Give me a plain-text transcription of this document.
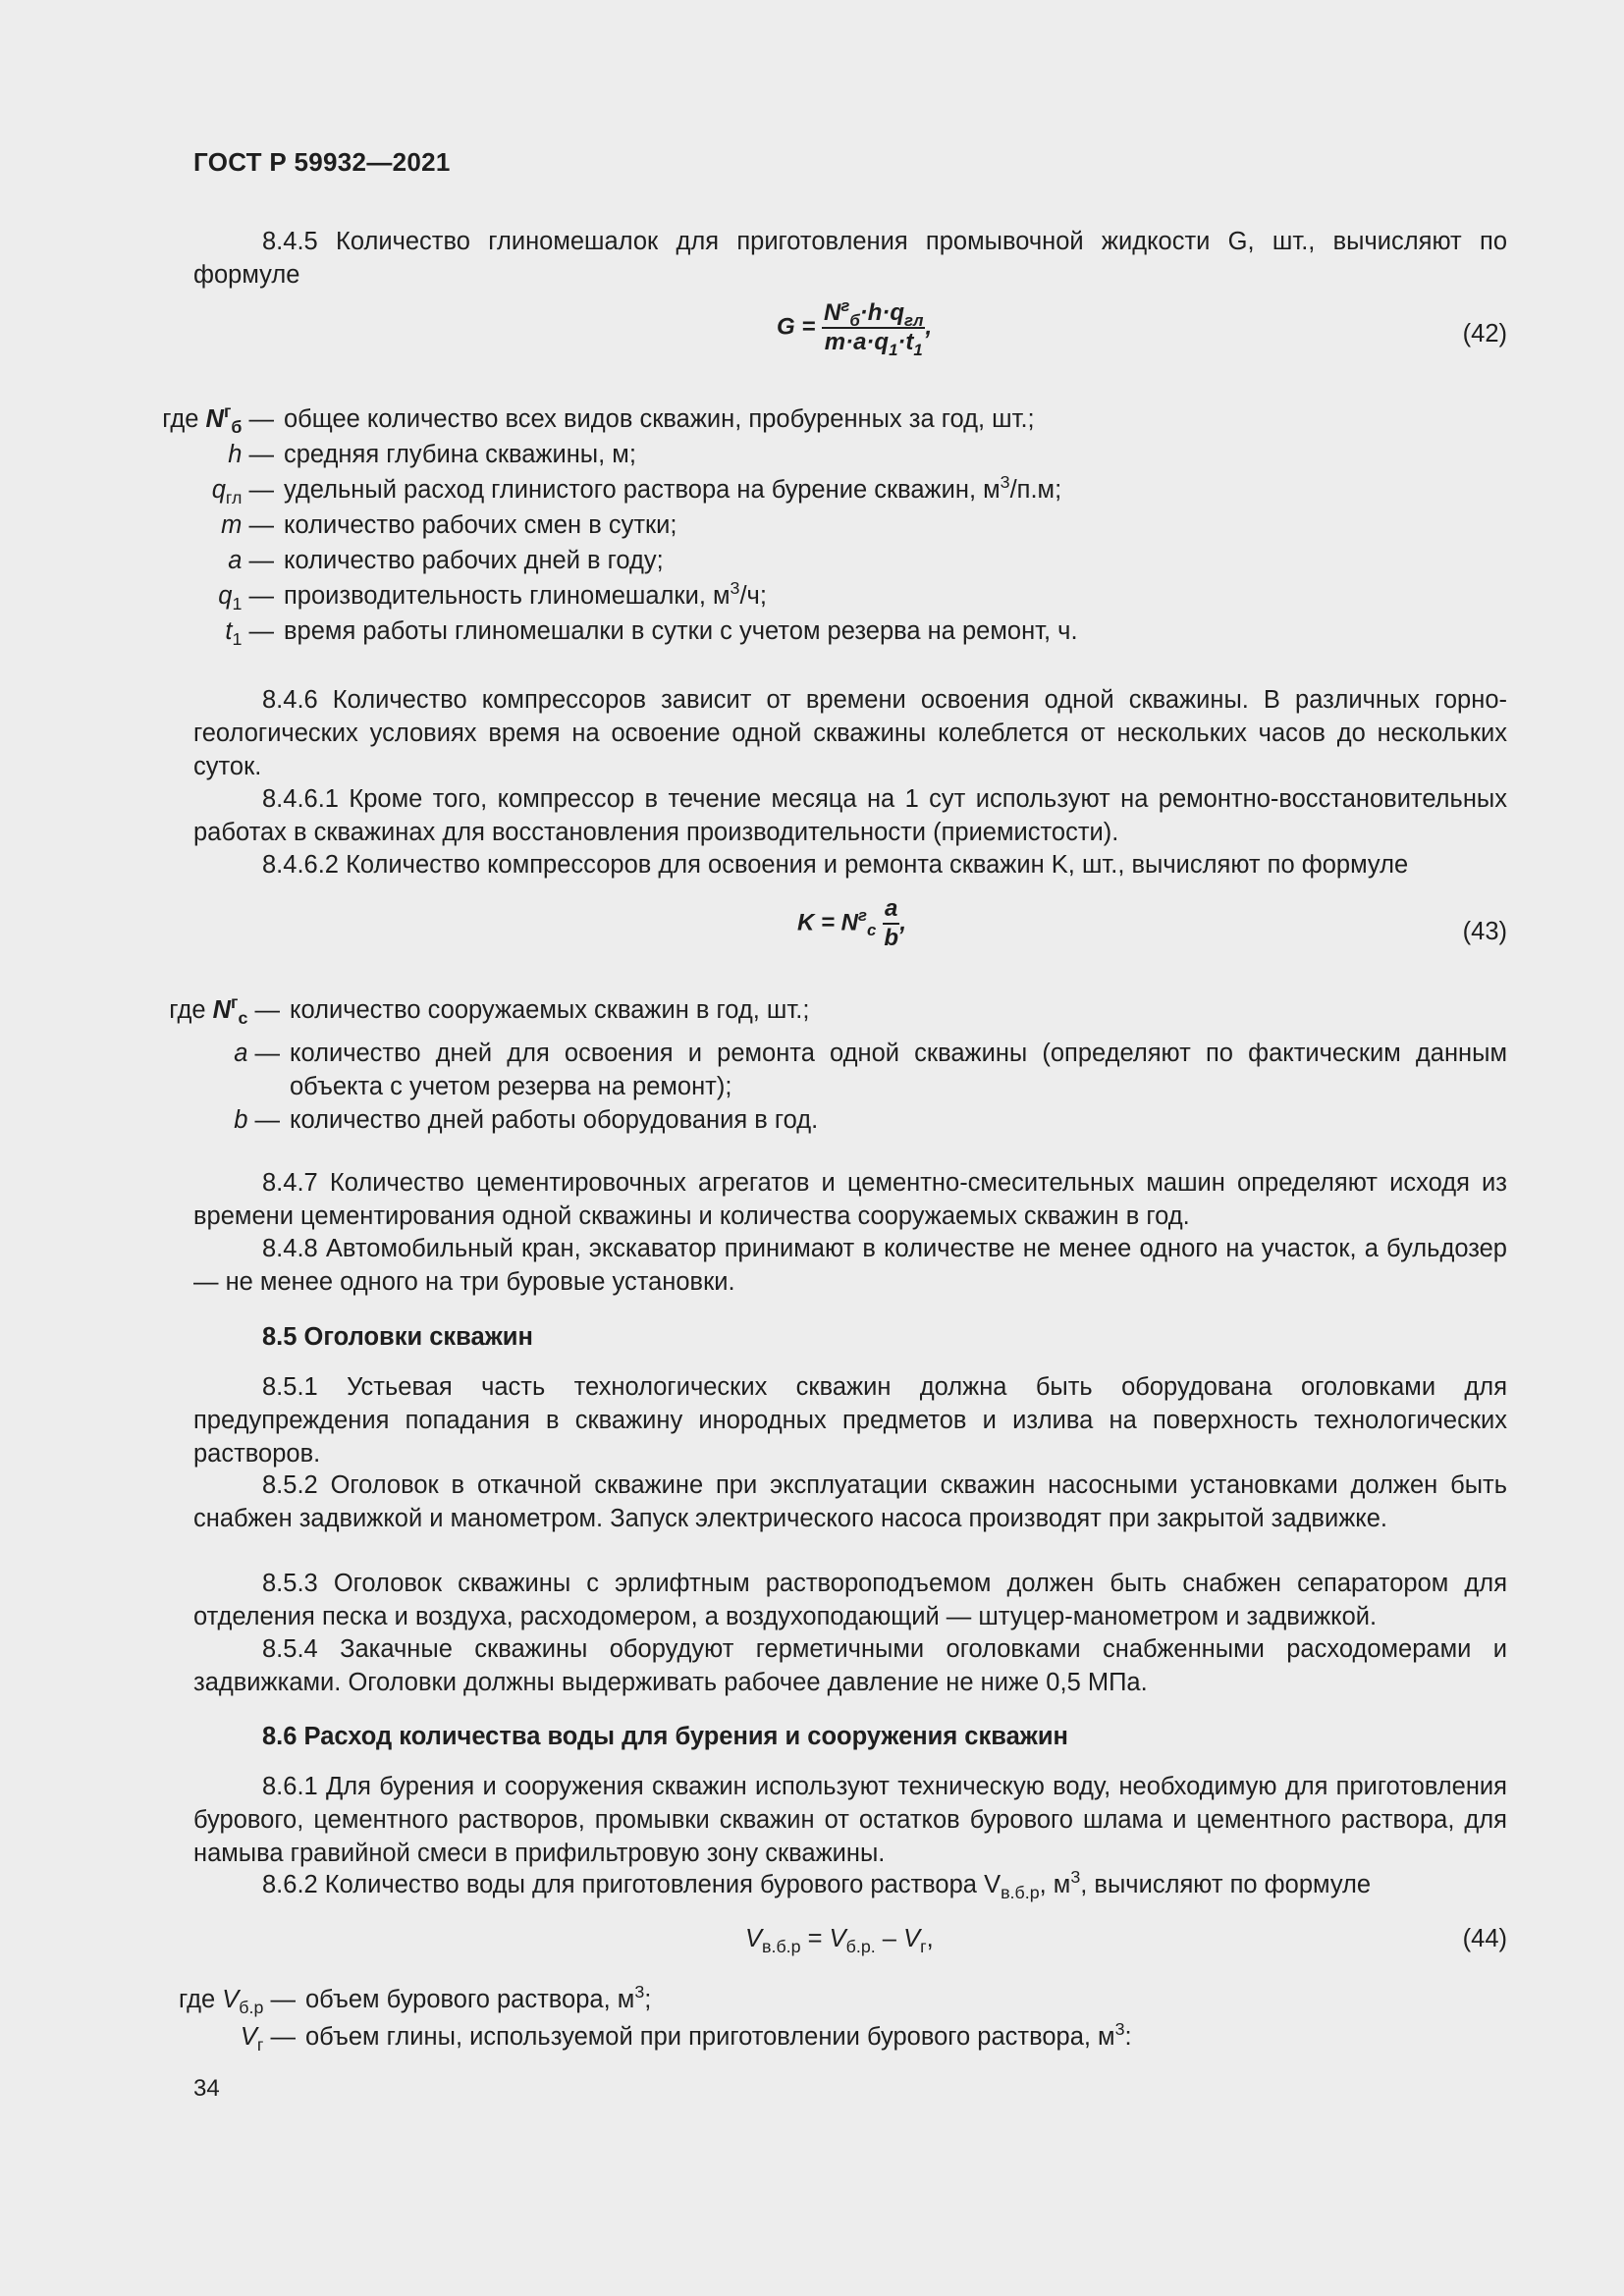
ГОСТ Р 59932—2021

8.4.5 Количество глиномешалок для приготовления промывочной жидкости G, шт., вычисляют по формуле

$G = \frac{N^г_б\cdot h\cdot q_{гл}}{m\cdot a\cdot q_1\cdot t_1}$ ,	(42)
где $N^г_б$ — общее количество всех видов скважин, пробуренных за год, шт.;
h — средняя глубина скважины, м;
$q_{гл}$ — удельный расход глинистого раствора на бурение скважин, $м^3/п.м$;
m — количество рабочих смен в сутки;
a — количество рабочих дней в году;
$q_1$ — производительность глиномешалки, $м^3/ч$;
$t_1$ — время работы глиномешалки в сутки с учетом резерва на ремонт, ч.

8.4.6 Количество компрессоров зависит от времени освоения одной скважины. В различных горно-геологических условиях время на освоение одной скважины колеблется от нескольких часов до нескольких суток.

8.4.6.1 Кроме того, компрессор в течение месяца на 1 сут используют на ремонтно-восстановительных работах в скважинах для восстановления производительности (приемистости).

8.4.6.2 Количество компрессоров для освоения и ремонта скважин K, шт., вычисляют по формуле

$K = N^г_с \frac{a}{b}$ ,	(43)
где $N^г_с$ — количество сооружаемых скважин в год, шт.;
a — количество дней для освоения и ремонта одной скважины (определяют по фактическим данным объекта с учетом резерва на ремонт);
b — количество дней работы оборудования в год.

8.4.7 Количество цементировочных агрегатов и цементно-смесительных машин определяют исходя из времени цементирования одной скважины и количества сооружаемых скважин в год.

8.4.8 Автомобильный кран, экскаватор принимают в количестве не менее одного на участок, а бульдозер — не менее одного на три буровые установки.

8.5 Оголовки скважин

8.5.1 Устьевая часть технологических скважин должна быть оборудована оголовками для предупреждения попадания в скважину инородных предметов и излива на поверхность технологических растворов.

8.5.2 Оголовок в откачной скважине при эксплуатации скважин насосными установками должен быть снабжен задвижкой и манометром. Запуск электрического насоса производят при закрытой задвижке.

8.5.3 Оголовок скважины с эрлифтным раствороподъемом должен быть снабжен сепаратором для отделения песка и воздуха, расходомером, а воздухоподающий — штуцер-манометром и задвижкой.

8.5.4 Закачные скважины оборудуют герметичными оголовками снабженными расходомерами и задвижками. Оголовки должны выдерживать рабочее давление не ниже 0,5 МПа.

8.6 Расход количества воды для бурения и сооружения скважин

8.6.1 Для бурения и сооружения скважин используют техническую воду, необходимую для приготовления бурового, цементного растворов, промывки скважин от остатков бурового шлама и цементного раствора, для намыва гравийной смеси в прифильтровую зону скважины.

8.6.2 Количество воды для приготовления бурового раствора $V_{в.б.р}$, $м^3$, вычисляют по формуле

$V_{в.б.р} = V_{б.р.} - V_г$,	(44)
где $V_{б.р}$ — объем бурового раствора, $м^3$;
$V_г$ — объем глины, используемой при приготовлении бурового раствора, $м^3$:
34
